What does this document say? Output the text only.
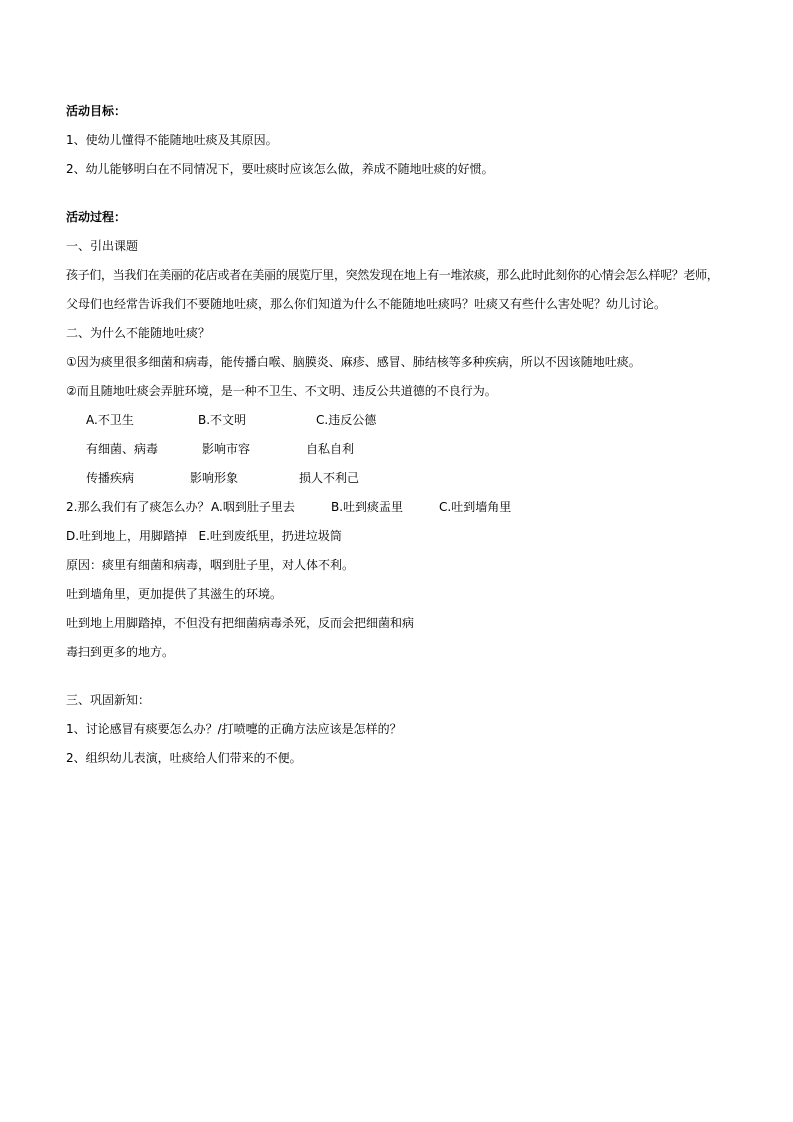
活动目标：
1、使幼儿懂得不能随地吐痰及其原因。
2、幼儿能够明白在不同情况下，要吐痰时应该怎么做，养成不随地吐痰的好惯。
活动过程：
一、引出课题
孩子们，当我们在美丽的花店或者在美丽的展览厅里，突然发现在地上有一堆浓痰，那么此时此刻你的心情会怎么样呢？老师，
父母们也经常告诉我们不要随地吐痰，那么你们知道为什么不能随地吐痰吗？吐痰又有些什么害处呢？幼儿讨论。
二、为什么不能随地吐痰？
①因为痰里很多细菌和病毒，能传播白喉、脑膜炎、麻疹、感冒、肺结核等多种疾病，所以不因该随地吐痰。
②而且随地吐痰会弄脏环境，是一种不卫生、不文明、违反公共道德的不良行为。
A.不卫生	B.不文明	C.违反公德
有细菌、病毒	影响市容	自私自利
传播疾病	影响形象	损人不利己
2.那么我们有了痰怎么办？ A.咽到肚子里去	B.吐到痰盂里	C.吐到墙角里
D.吐到地上，用脚踏掉   E.吐到废纸里，扔进垃圾筒
原因：痰里有细菌和病毒，咽到肚子里，对人体不利。
吐到墙角里，更加提供了其滋生的环境。
吐到地上用脚踏掉，不但没有把细菌病毒杀死，反而会把细菌和病
毒扫到更多的地方。
三、巩固新知：
1、讨论感冒有痰要怎么办？/打喷嚏的正确方法应该是怎样的？
2、组织幼儿表演，吐痰给人们带来的不便。
